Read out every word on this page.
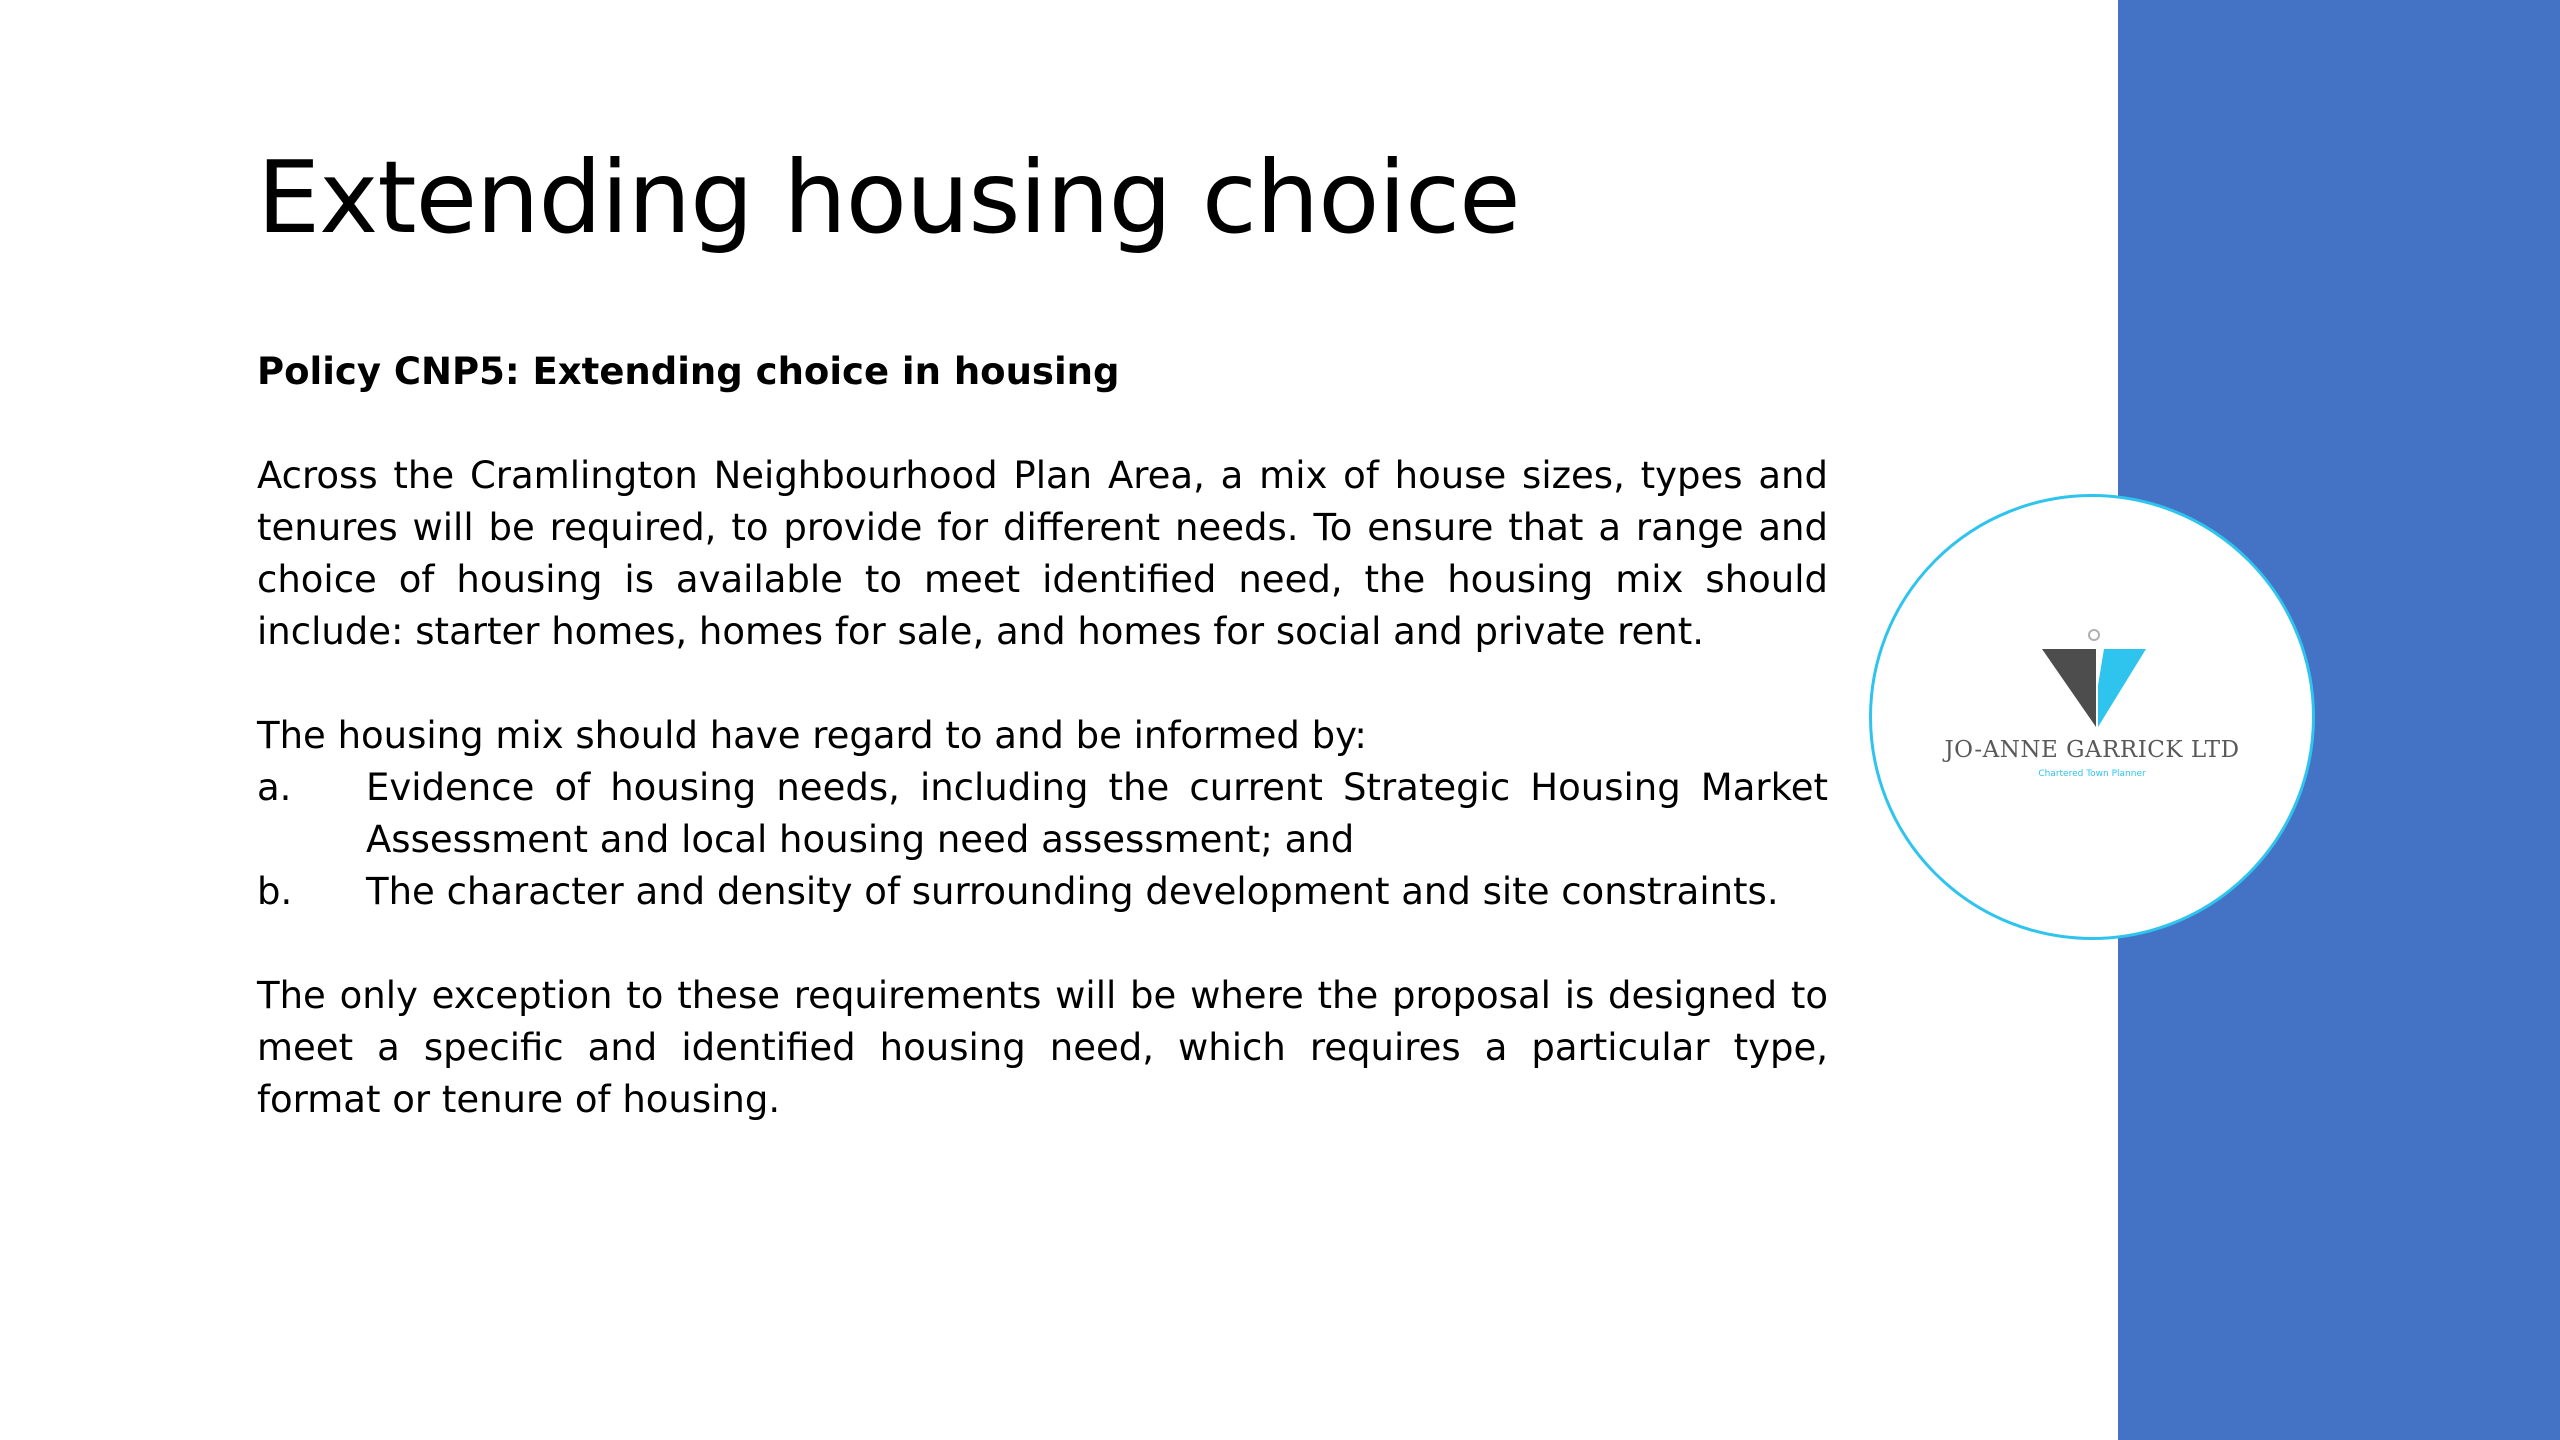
Extending housing choice

Policy CNP5: Extending choice in housing

Across the Cramlington Neighbourhood Plan Area, a mix of house sizes, types and tenures will be required, to provide for different needs. To ensure that a range and choice of housing is available to meet identified need, the housing mix should include: starter homes, homes for sale, and homes for social and private rent.

The housing mix should have regard to and be informed by:

a.	Evidence of housing needs, including the current Strategic Housing Market Assessment and local housing need assessment; and
b.	The character and density of surrounding development and site constraints.

The only exception to these requirements will be where the proposal is designed to meet a specific and identified housing need, which requires a particular type, format or tenure of housing.

JO-ANNE GARRICK LTD
Chartered Town Planner
